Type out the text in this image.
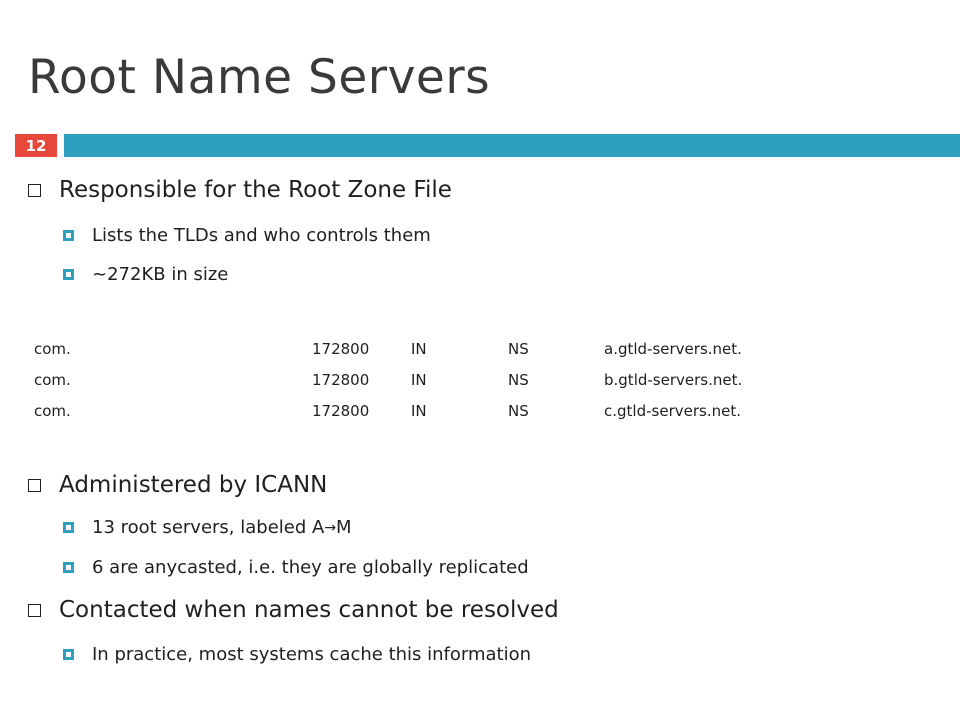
Root Name Servers
12
Responsible for the Root Zone File
Lists the TLDs and who controls them
~272KB in size
com.	172800	IN	NS	a.gtld-servers.net.
com.	172800	IN	NS	b.gtld-servers.net.
com.	172800	IN	NS	c.gtld-servers.net.
Administered by ICANN
13 root servers, labeled A → M
6 are anycasted, i.e. they are globally replicated
Contacted when names cannot be resolved
In practice, most systems cache this information
